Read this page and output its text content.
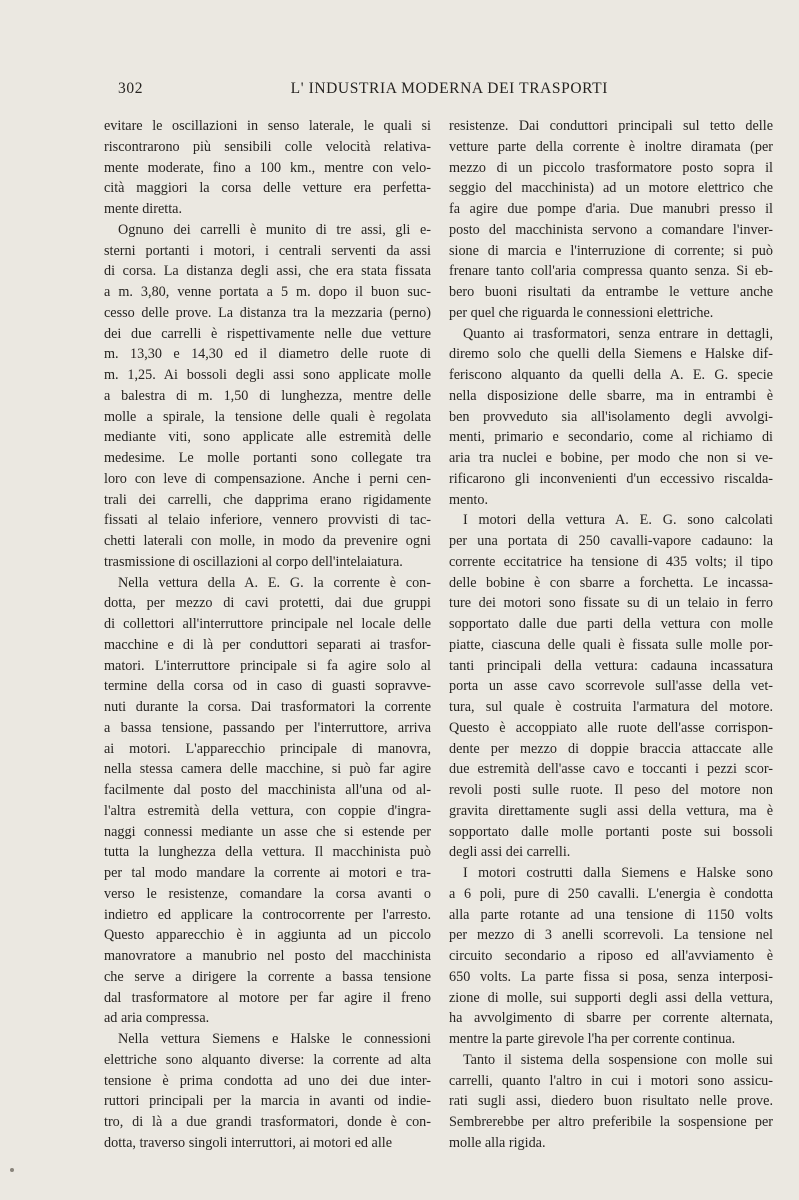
302	L' INDUSTRIA MODERNA DEI TRASPORTI
evitare le oscillazioni in senso laterale, le quali si
riscontrarono più sensibili colle velocità relativa-
mente moderate, fino a 100 km., mentre con velo-
cità maggiori la corsa delle vetture era perfetta-
mente diretta.
Ognuno dei carrelli è munito di tre assi, gli e-
sterni portanti i motori, i centrali serventi da assi
di corsa. La distanza degli assi, che era stata fissata
a m. 3,80, venne portata a 5 m. dopo il buon suc-
cesso delle prove. La distanza tra la mezzaria (perno)
dei due carrelli è rispettivamente nelle due vetture
m. 13,30 e 14,30 ed il diametro delle ruote di
m. 1,25. Ai bossoli degli assi sono applicate molle
a balestra di m. 1,50 di lunghezza, mentre delle
molle a spirale, la tensione delle quali è regolata
mediante viti, sono applicate alle estremità delle
medesime. Le molle portanti sono collegate tra
loro con leve di compensazione. Anche i perni cen-
trali dei carrelli, che dapprima erano rigidamente
fissati al telaio inferiore, vennero provvisti di tac-
chetti laterali con molle, in modo da prevenire ogni
trasmissione di oscillazioni al corpo dell'intelaiatura.
Nella vettura della A. E. G. la corrente è con-
dotta, per mezzo di cavi protetti, dai due gruppi
di collettori all'interruttore principale nel locale delle
macchine e di là per conduttori separati ai trasfor-
matori. L'interruttore principale si fa agire solo al
termine della corsa od in caso di guasti sopravve-
nuti durante la corsa. Dai trasformatori la corrente
a bassa tensione, passando per l'interruttore, arriva
ai motori. L'apparecchio principale di manovra,
nella stessa camera delle macchine, si può far agire
facilmente dal posto del macchinista all'una od al-
l'altra estremità della vettura, con coppie d'ingra-
naggi connessi mediante un asse che si estende per
tutta la lunghezza della vettura. Il macchinista può
per tal modo mandare la corrente ai motori e tra-
verso le resistenze, comandare la corsa avanti o
indietro ed applicare la controcorrente per l'arresto.
Questo apparecchio è in aggiunta ad un piccolo
manovratore a manubrio nel posto del macchinista
che serve a dirigere la corrente a bassa tensione
dal trasformatore al motore per far agire il freno
ad aria compressa.
Nella vettura Siemens e Halske le connessioni
elettriche sono alquanto diverse: la corrente ad alta
tensione è prima condotta ad uno dei due inter-
ruttori principali per la marcia in avanti od indie-
tro, di là a due grandi trasformatori, donde è con-
dotta, traverso singoli interruttori, ai motori ed alle
resistenze. Dai conduttori principali sul tetto delle
vetture parte della corrente è inoltre diramata (per
mezzo di un piccolo trasformatore posto sopra il
seggio del macchinista) ad un motore elettrico che
fa agire due pompe d'aria. Due manubri presso il
posto del macchinista servono a comandare l'inver-
sione di marcia e l'interruzione di corrente; si può
frenare tanto coll'aria compressa quanto senza. Si eb-
bero buoni risultati da entrambe le vetture anche
per quel che riguarda le connessioni elettriche.
Quanto ai trasformatori, senza entrare in dettagli,
diremo solo che quelli della Siemens e Halske dif-
feriscono alquanto da quelli della A. E. G. specie
nella disposizione delle sbarre, ma in entrambi è
ben provveduto sia all'isolamento degli avvolgi-
menti, primario e secondario, come al richiamo di
aria tra nuclei e bobine, per modo che non si ve-
rificarono gli inconvenienti d'un eccessivo riscalda-
mento.
I motori della vettura A. E. G. sono calcolati
per una portata di 250 cavalli-vapore cadauno: la
corrente eccitatrice ha tensione di 435 volts; il tipo
delle bobine è con sbarre a forchetta. Le incassa-
ture dei motori sono fissate su di un telaio in ferro
sopportato dalle due parti della vettura con molle
piatte, ciascuna delle quali è fissata sulle molle por-
tanti principali della vettura: cadauna incassatura
porta un asse cavo scorrevole sull'asse della vet-
tura, sul quale è costruita l'armatura del motore.
Questo è accoppiato alle ruote dell'asse corrispon-
dente per mezzo di doppie braccia attaccate alle
due estremità dell'asse cavo e toccanti i pezzi scor-
revoli posti sulle ruote. Il peso del motore non
gravita direttamente sugli assi della vettura, ma è
sopportato dalle molle portanti poste sui bossoli
degli assi dei carrelli.
I motori costrutti dalla Siemens e Halske sono
a 6 poli, pure di 250 cavalli. L'energia è condotta
alla parte rotante ad una tensione di 1150 volts
per mezzo di 3 anelli scorrevoli. La tensione nel
circuito secondario a riposo ed all'avviamento è
650 volts. La parte fissa si posa, senza interposi-
zione di molle, sui supporti degli assi della vettura,
ha avvolgimento di sbarre per corrente alternata,
mentre la parte girevole l'ha per corrente continua.
Tanto il sistema della sospensione con molle sui
carrelli, quanto l'altro in cui i motori sono assicu-
rati sugli assi, diedero buon risultato nelle prove.
Sembrerebbe per altro preferibile la sospensione per
molle alla rigida.
